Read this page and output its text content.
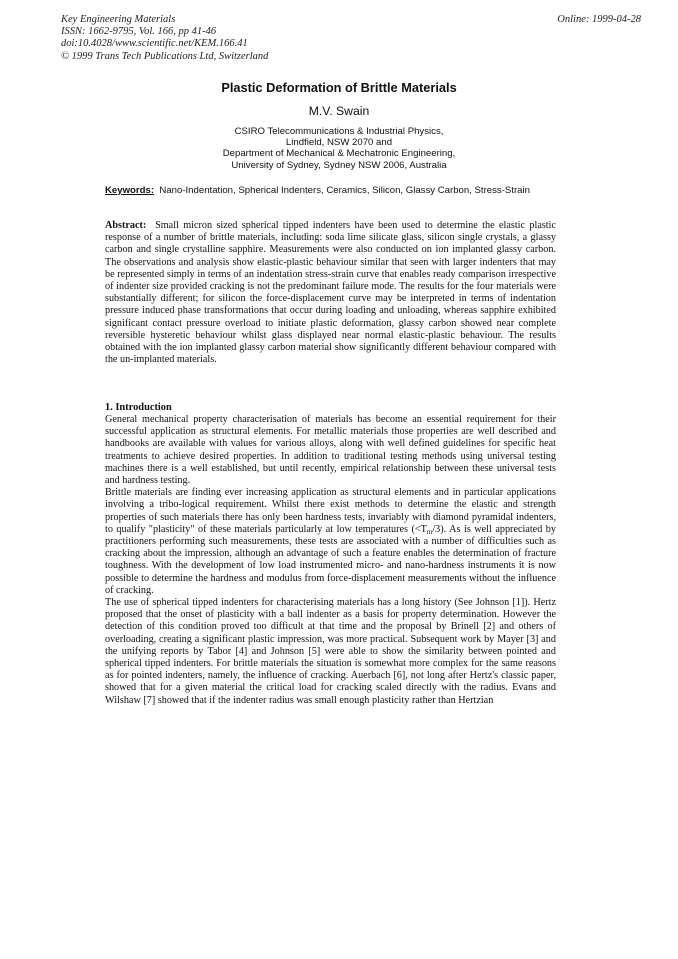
Key Engineering Materials
ISSN: 1662-9795, Vol. 166, pp 41-46
doi:10.4028/www.scientific.net/KEM.166.41
© 1999 Trans Tech Publications Ltd, Switzerland
Online: 1999-04-28
Plastic Deformation of Brittle Materials
M.V. Swain
CSIRO Telecommunications & Industrial Physics,
Lindfield, NSW 2070 and
Department of Mechanical & Mechatronic Engineering,
University of Sydney, Sydney NSW 2006, Australia
Keywords: Nano-Indentation, Spherical Indenters, Ceramics, Silicon, Glassy Carbon, Stress-Strain
Abstract: Small micron sized spherical tipped indenters have been used to determine the elastic plastic response of a number of brittle materials, including: soda lime silicate glass, silicon single crystals, a glassy carbon and single crystalline sapphire. Measurements were also conducted on ion implanted glassy carbon. The observations and analysis show elastic-plastic behaviour similar that seen with larger indenters that may be represented simply in terms of an indentation stress-strain curve that enables ready comparison irrespective of indenter size provided cracking is not the predominant failure mode. The results for the four materials were substantially different; for silicon the force-displacement curve may be interpreted in terms of indentation pressure induced phase transformations that occur during loading and unloading, whereas sapphire exhibited significant contact pressure overload to initiate plastic deformation, glassy carbon showed near complete reversible hysteretic behaviour whilst glass displayed near normal elastic-plastic behaviour. The results obtained with the ion implanted glassy carbon material show significantly different behaviour compared with the un-implanted materials.
1. Introduction

General mechanical property characterisation of materials has become an essential requirement for their successful application as structural elements. For metallic materials those properties are well described and handbooks are available with values for various alloys, along with well defined guidelines for specific heat treatments to achieve desired properties. In addition to traditional testing methods using universal testing machines there is a well established, but until recently, empirical relationship between these universal tests and hardness testing.

Brittle materials are finding ever increasing application as structural elements and in particular applications involving a tribo-logical requirement. Whilst there exist methods to determine the elastic and strength properties of such materials there has only been hardness tests, invariably with diamond pyramidal indenters, to qualify "plasticity" of these materials particularly at low temperatures $(<T_m/3)$. As is well appreciated by practitioners performing such measurements, these tests are associated with a number of difficulties such as cracking about the impression, although an advantage of such a feature enables the determination of fracture toughness. With the development of low load instrumented micro- and nano-hardness instruments it is now possible to determine the hardness and modulus from force-displacement measurements without the influence of cracking.

The use of spherical tipped indenters for characterising materials has a long history (See Johnson [1]). Hertz proposed that the onset of plasticity with a ball indenter as a basis for property determination. However the detection of this condition proved too difficult at that time and the proposal by Brinell [2] and others of overloading, creating a significant plastic impression, was more practical. Subsequent work by Mayer [3] and the unifying reports by Tabor [4] and Johnson [5] were able to show the similarity between pointed and spherical tipped indenters. For brittle materials the situation is somewhat more complex for the same reasons as for pointed indenters, namely, the influence of cracking. Auerbach [6], not long after Hertz's classic paper, showed that for a given material the critical load for cracking scaled directly with the radius. Evans and Wilshaw [7] showed that if the indenter radius was small enough plasticity rather than Hertzian
